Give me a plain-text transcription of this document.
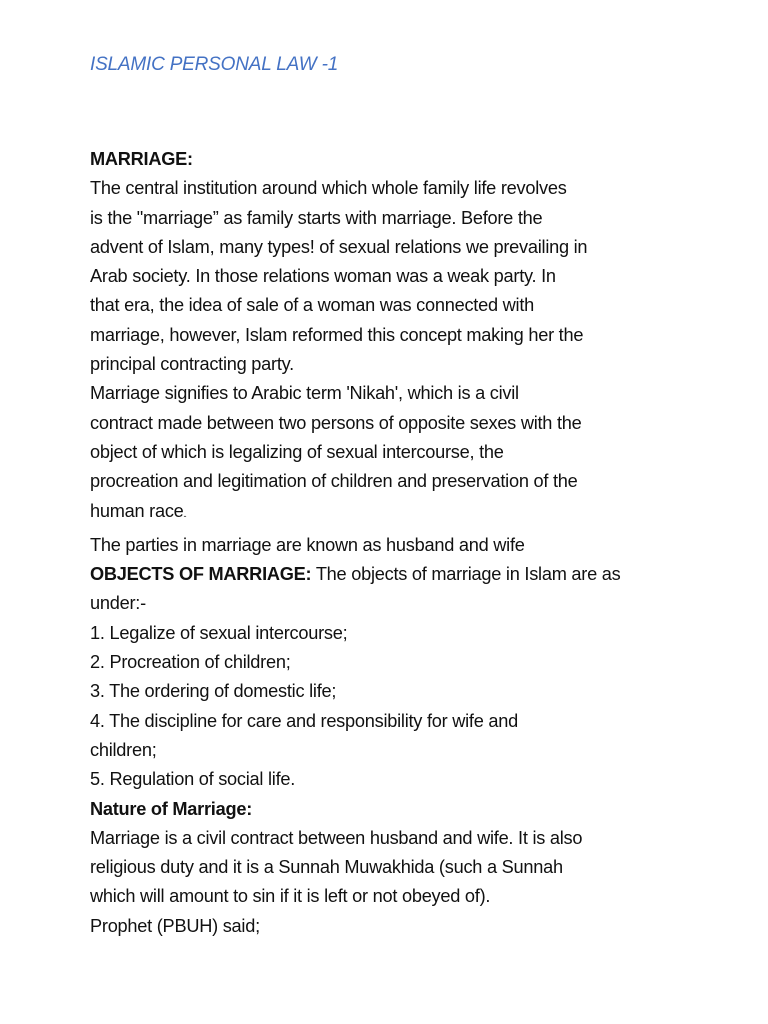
ISLAMIC PERSONAL LAW -1

MARRIAGE:

The central institution around which whole family life revolves

is the "marriage” as family starts with marriage. Before the

advent of Islam, many types! of sexual relations we prevailing in

Arab society. In those relations woman was a weak party. In

that era, the idea of sale of a woman was connected with

marriage, however, Islam reformed this concept making her the

principal contracting party.

Marriage signifies to Arabic term 'Nikah', which is a civil

contract made between two persons of opposite sexes with the

object of which is legalizing of sexual intercourse, the

procreation and legitimation of children and preservation of the

human race-

The parties in marriage are known as husband and wife

OBJECTS OF MARRIAGE: The objects of marriage in Islam are as

under:-

1. Legalize of sexual intercourse;

2. Procreation of children;

3. The ordering of domestic life;

4. The discipline for care and responsibility for wife and

children;

5. Regulation of social life.

Nature of Marriage:

Marriage is a civil contract between husband and wife. It is also

religious duty and it is a Sunnah Muwakhida (such a Sunnah

which will amount to sin if it is left or not obeyed of).

Prophet (PBUH) said;
